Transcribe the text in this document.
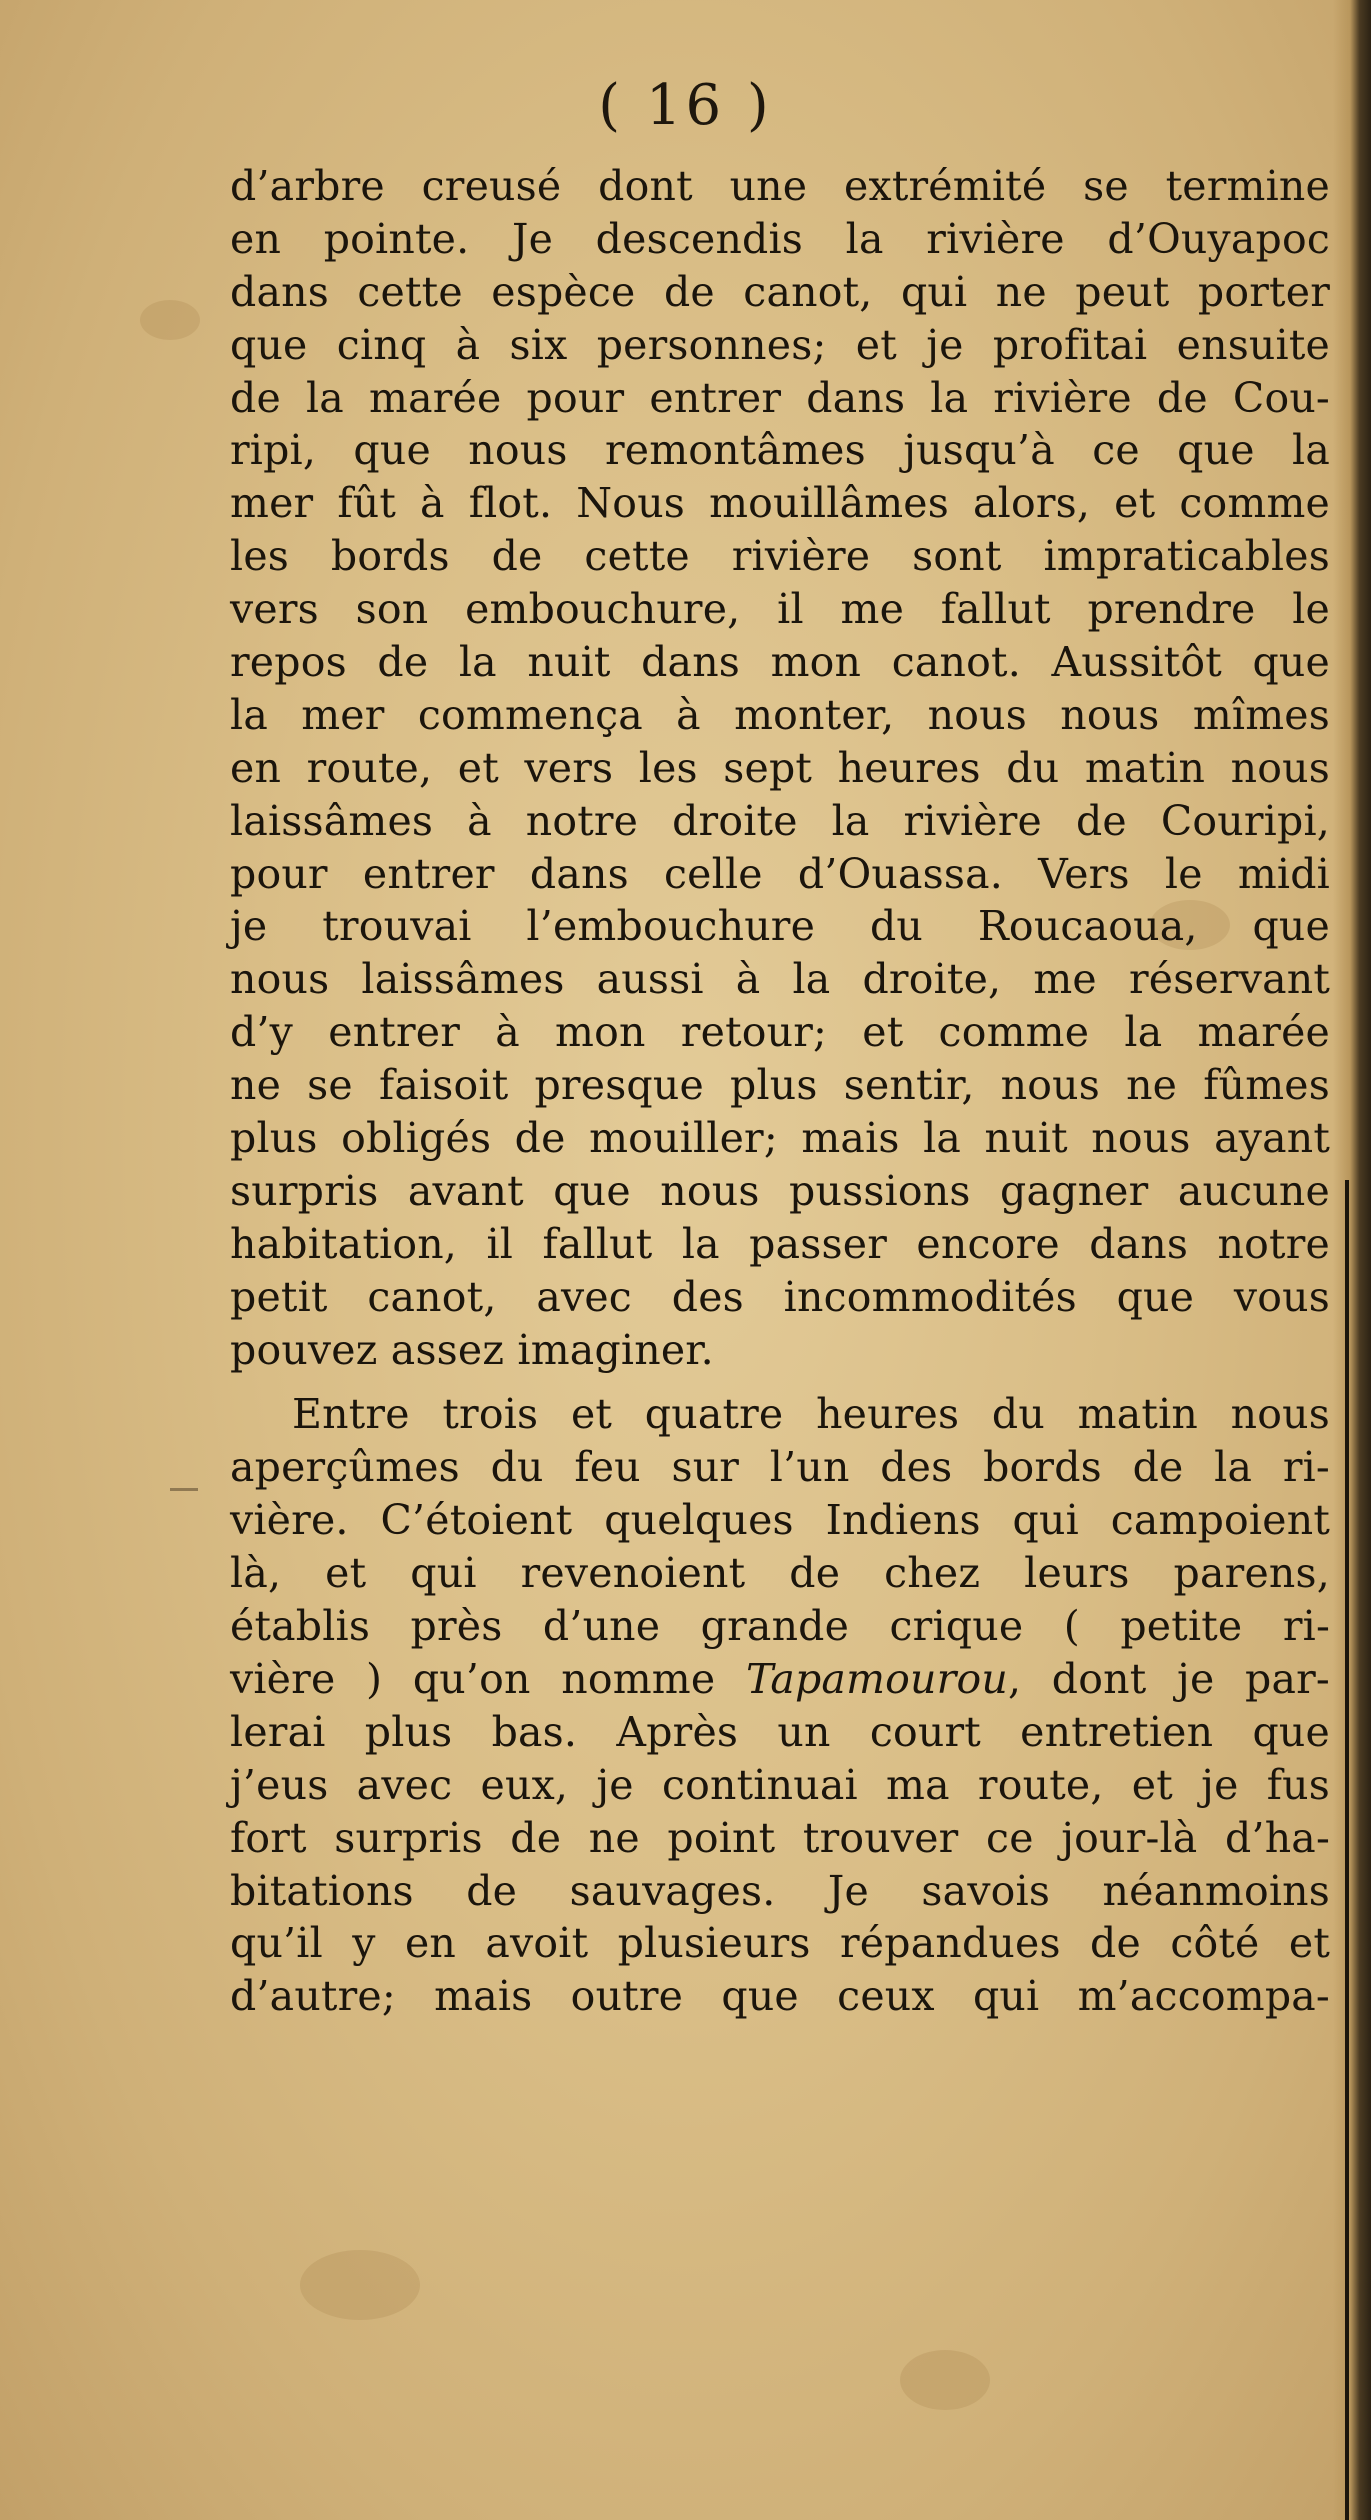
( 16 )
d’arbre creusé dont une extrémité se termine
en pointe. Je descendis la rivière d’Ouyapoc
dans cette espèce de canot, qui ne peut porter
que cinq à six personnes; et je profitai ensuite
de la marée pour entrer dans la rivière de Cou-
ripi, que nous remontâmes jusqu’à ce que la
mer fût à flot. Nous mouillâmes alors, et comme
les bords de cette rivière sont impraticables
vers son embouchure, il me fallut prendre le
repos de la nuit dans mon canot. Aussitôt que
la mer commença à monter, nous nous mîmes
en route, et vers les sept heures du matin nous
laissâmes à notre droite la rivière de Couripi,
pour entrer dans celle d’Ouassa. Vers le midi
je trouvai l’embouchure du Roucaoua, que
nous laissâmes aussi à la droite, me réservant
d’y entrer à mon retour; et comme la marée
ne se faisoit presque plus sentir, nous ne fûmes
plus obligés de mouiller; mais la nuit nous ayant
surpris avant que nous pussions gagner aucune
habitation, il fallut la passer encore dans notre
petit canot, avec des incommodités que vous
pouvez assez imaginer.
Entre trois et quatre heures du matin nous
aperçûmes du feu sur l’un des bords de la ri-
vière. C’étoient quelques Indiens qui campoient
là, et qui revenoient de chez leurs parens,
établis près d’une grande crique ( petite ri-
vière ) qu’on nomme Tapamourou, dont je par-
lerai plus bas. Après un court entretien que
j’eus avec eux, je continuai ma route, et je fus
fort surpris de ne point trouver ce jour-là d’ha-
bitations de sauvages. Je savois néanmoins
qu’il y en avoit plusieurs répandues de côté et
d’autre; mais outre que ceux qui m’accompa-
